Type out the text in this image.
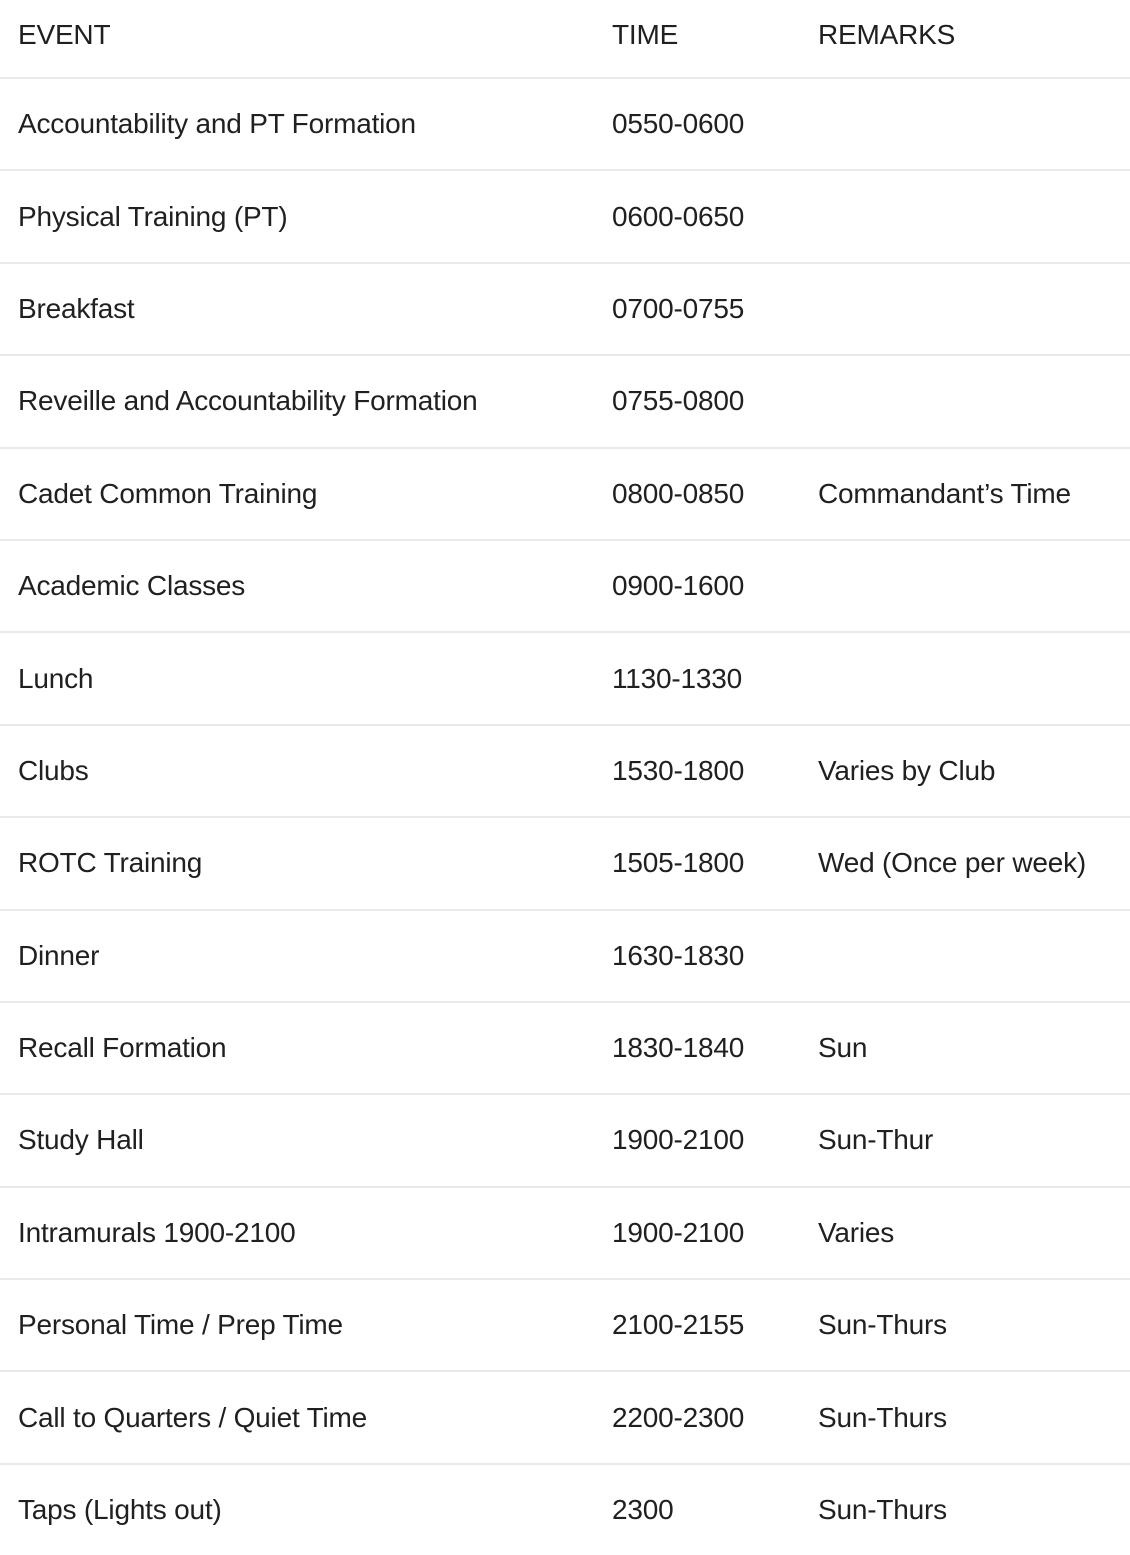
EVENT	TIME	REMARKS
Accountability and PT Formation	0550-0600
Physical Training (PT)	0600-0650
Breakfast	0700-0755
Reveille and Accountability Formation	0755-0800
Cadet Common Training	0800-0850	Commandant’s Time
Academic Classes	0900-1600
Lunch	1130-1330
Clubs	1530-1800	Varies by Club
ROTC Training	1505-1800	Wed (Once per week)
Dinner	1630-1830
Recall Formation	1830-1840	Sun
Study Hall	1900-2100	Sun-Thur
Intramurals 1900-2100	1900-2100	Varies
Personal Time / Prep Time	2100-2155	Sun-Thurs
Call to Quarters / Quiet Time	2200-2300	Sun-Thurs
Taps (Lights out)	2300	Sun-Thurs
